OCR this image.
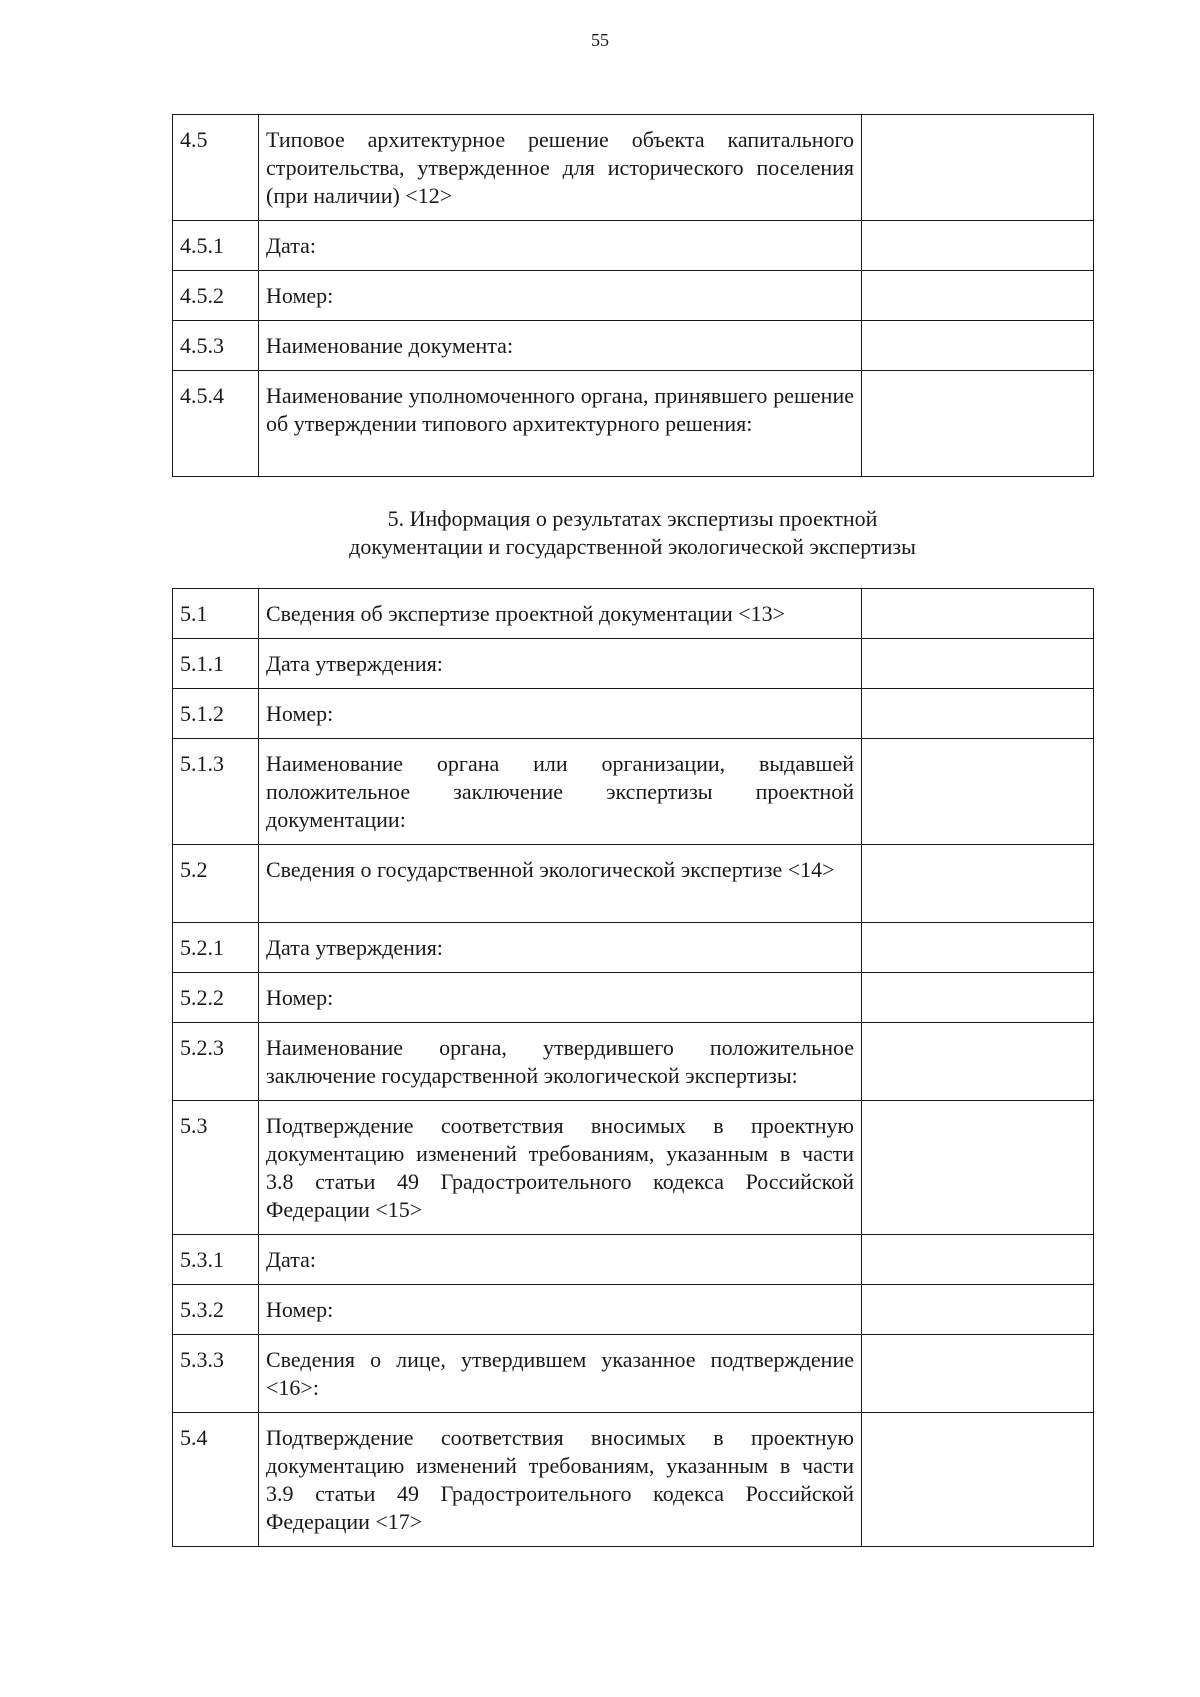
55
4.5	Типовое архитектурное решение объекта капитального строительства, утвержденное для исторического поселения (при наличии) <12>	
4.5.1	Дата:	
4.5.2	Номер:	
4.5.3	Наименование документа:	
4.5.4	Наименование уполномоченного органа, принявшего решение об утверждении типового архитектурного решения:	
5. Информация о результатах экспертизы проектной
документации и государственной экологической экспертизы
5.1	Сведения об экспертизе проектной документации <13>	
5.1.1	Дата утверждения:	
5.1.2	Номер:	
5.1.3	Наименование органа или организации, выдавшей положительное заключение экспертизы проектной документации:	
5.2	Сведения о государственной экологической экспертизе <14>	
5.2.1	Дата утверждения:	
5.2.2	Номер:	
5.2.3	Наименование органа, утвердившего положительное заключение государственной экологической экспертизы:	
5.3	Подтверждение соответствия вносимых в проектную документацию изменений требованиям, указанным в части 3.8 статьи 49 Градостроительного кодекса Российской Федерации <15>	
5.3.1	Дата:	
5.3.2	Номер:	
5.3.3	Сведения о лице, утвердившем указанное подтверждение <16>:	
5.4	Подтверждение соответствия вносимых в проектную документацию изменений требованиям, указанным в части 3.9 статьи 49 Градостроительного кодекса Российской Федерации <17>	
